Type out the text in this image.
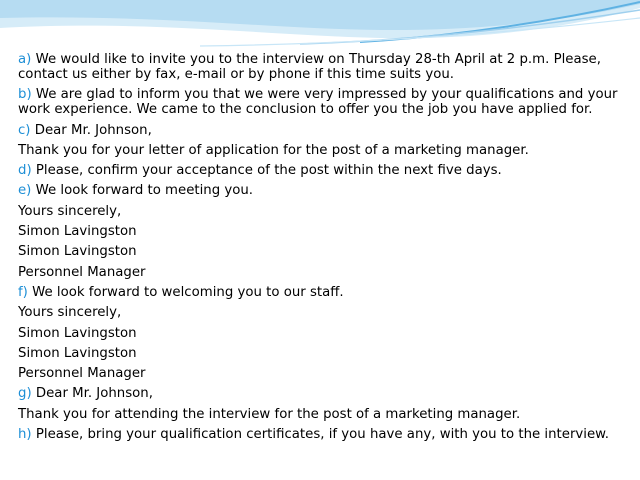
a) We would like to invite you to the interview on Thursday 28-th April at 2 p.m. Please, contact us either by fax, e-mail or by phone if this time suits you.

b) We are glad to inform you that we were very impressed by your qualifications and your work experience. We came to the conclusion to offer you the job you have applied for.

c) Dear Mr. Johnson,

Thank you for your letter of application for the post of a marketing manager.

d) Please, confirm your acceptance of the post within the next five days.

e) We look forward to meeting you.

Yours sincerely,

Simon Lavingston

Simon Lavingston

Personnel Manager

f) We look forward to welcoming you to our staff.

Yours sincerely,

Simon Lavingston

Simon Lavingston

Personnel Manager

g) Dear Mr. Johnson,

Thank you for attending the interview for the post of a marketing manager.

h) Please, bring your qualification certificates, if you have any, with you to the interview.
